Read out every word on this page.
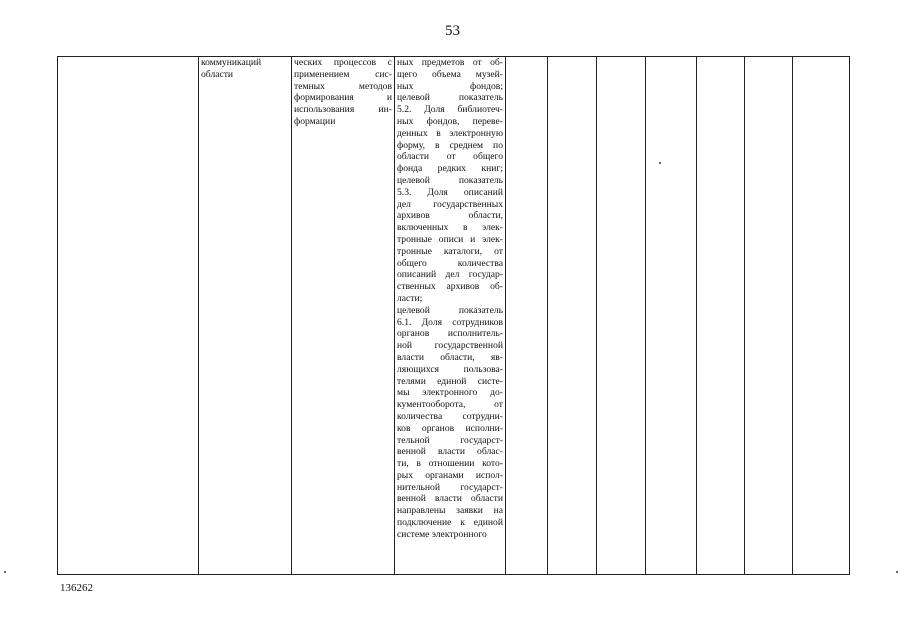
53

коммуникаций
области

ческих процессов с
применением сис-
темных методов
формирования и
использования ин-
формации

ных предметов от об-
щего объема музей-
ных фондов;
целевой показатель
5.2. Доля библиотеч-
ных фондов, переве-
денных в электронную
форму, в среднем по
области от общего
фонда редких книг;
целевой показатель
5.3. Доля описаний
дел государственных
архивов области,
включенных в элек-
тронные описи и элек-
тронные каталоги, от
общего количества
описаний дел государ-
ственных архивов об-
ласти;
целевой показатель
6.1. Доля сотрудников
органов исполнитель-
ной государственной
власти области, яв-
ляющихся пользова-
телями единой систе-
мы электронного до-
кументооборота, от
количества сотрудни-
ков органов исполни-
тельной государст-
венной власти облас-
ти, в отношении кото-
рых органами испол-
нительной государст-
венной власти области
направлены заявки на
подключение к единой
системе электронного

136262
